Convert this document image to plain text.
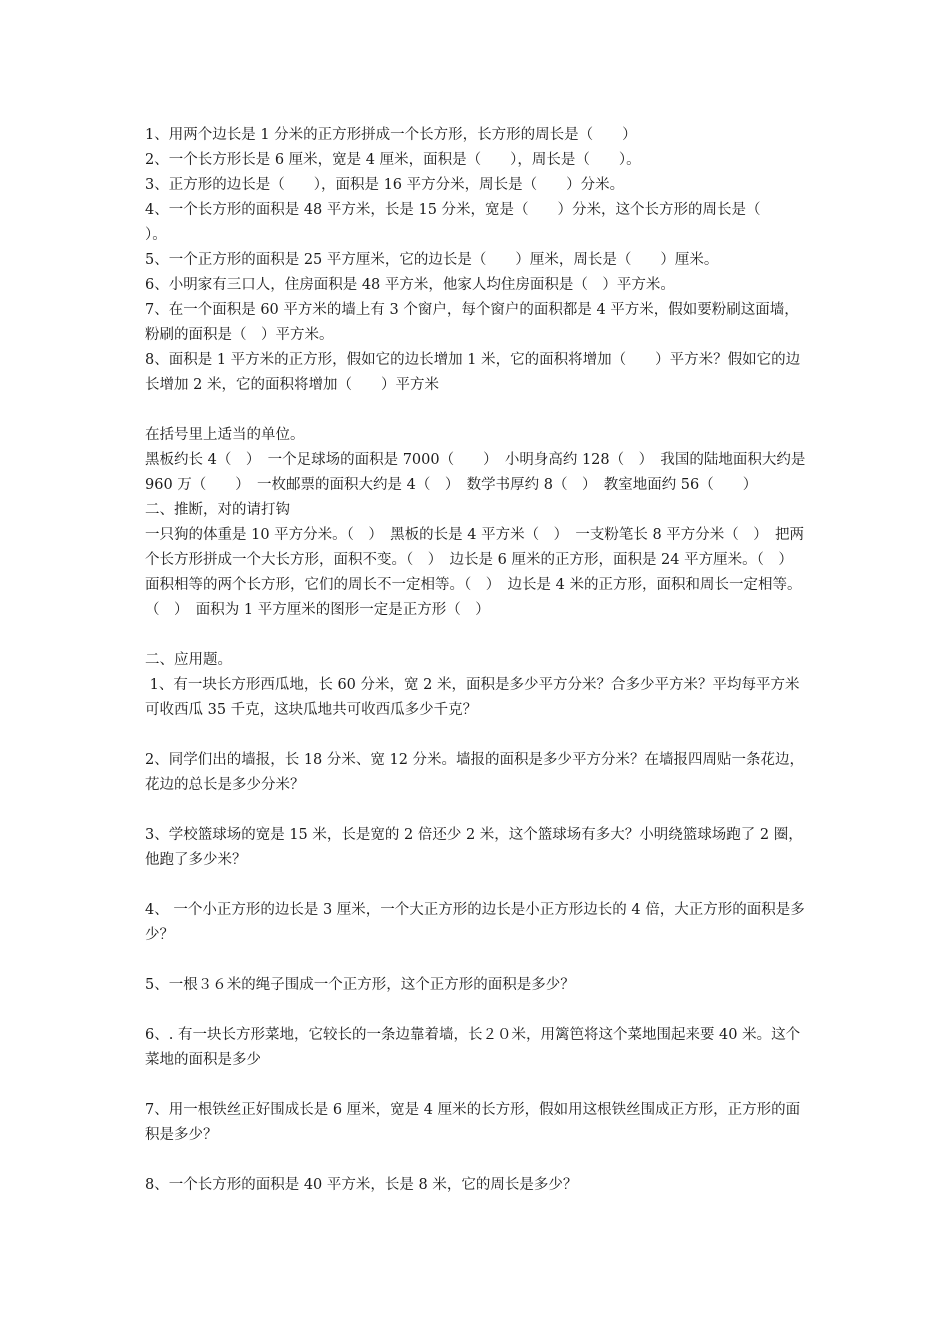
1、用两个边长是 1 分米的正方形拼成一个长方形，长方形的周长是（　　）

2、一个长方形长是 6 厘米，宽是 4 厘米，面积是（　　），周长是（　　）。

3、正方形的边长是（　　），面积是 16 平方分米，周长是（　　）分米。

4、一个长方形的面积是 48 平方米，长是 15 分米，宽是（　　）分米，这个长方形的周长是（　　）。

5、一个正方形的面积是 25 平方厘米，它的边长是（　　）厘米，周长是（　　）厘米。

6、小明家有三口人，住房面积是 48 平方米，他家人均住房面积是（　）平方米。

7、在一个面积是 60 平方米的墙上有 3 个窗户，每个窗户的面积都是 4 平方米，假如要粉刷这面墙，粉刷的面积是（　）平方米。

8、面积是 1 平方米的正方形，假如它的边长增加 1 米，它的面积将增加（　　）平方米？假如它的边长增加 2 米，它的面积将增加（　　）平方米

在括号里上适当的单位。

黑板约长 4（　）　一个足球场的面积是 7000（　　）　小明身高约 128（　）　我国的陆地面积大约是 960 万（　　）　一枚邮票的面积大约是 4（　）　数学书厚约 8（　）　教室地面约 56（　　）

二、推断，对的请打钩

一只狗的体重是 10 平方分米。（　）　黑板的长是 4 平方米（　）　一支粉笔长 8 平方分米（　）　把两个长方形拼成一个大长方形，面积不变。（　）　边长是 6 厘米的正方形，面积是 24 平方厘米。（　）　面积相等的两个长方形，它们的周长不一定相等。（　）　边长是 4 米的正方形，面积和周长一定相等。（　）　面积为 1 平方厘米的图形一定是正方形（　）

二、应用题。

1、有一块长方形西瓜地，长 60 分米，宽 2 米，面积是多少平方分米？合多少平方米？平均每平方米可收西瓜 35 千克，这块瓜地共可收西瓜多少千克？

2、同学们出的墙报，长 18 分米、宽 12 分米。墙报的面积是多少平方分米？在墙报四周贴一条花边，花边的总长是多少分米？

3、学校篮球场的宽是 15 米，长是宽的 2 倍还少 2 米，这个篮球场有多大？小明绕篮球场跑了 2 圈，他跑了多少米？

4、 一个小正方形的边长是 3 厘米，一个大正方形的边长是小正方形边长的 4 倍，大正方形的面积是多少？

5、一根３６米的绳子围成一个正方形，这个正方形的面积是多少？

6、. 有一块长方形菜地，它较长的一条边靠着墙，长２０米，用篱笆将这个菜地围起来要 40 米。这个菜地的面积是多少

7、用一根铁丝正好围成长是 6 厘米，宽是 4 厘米的长方形，假如用这根铁丝围成正方形，正方形的面积是多少？

8、一个长方形的面积是 40 平方米，长是 8 米，它的周长是多少？
